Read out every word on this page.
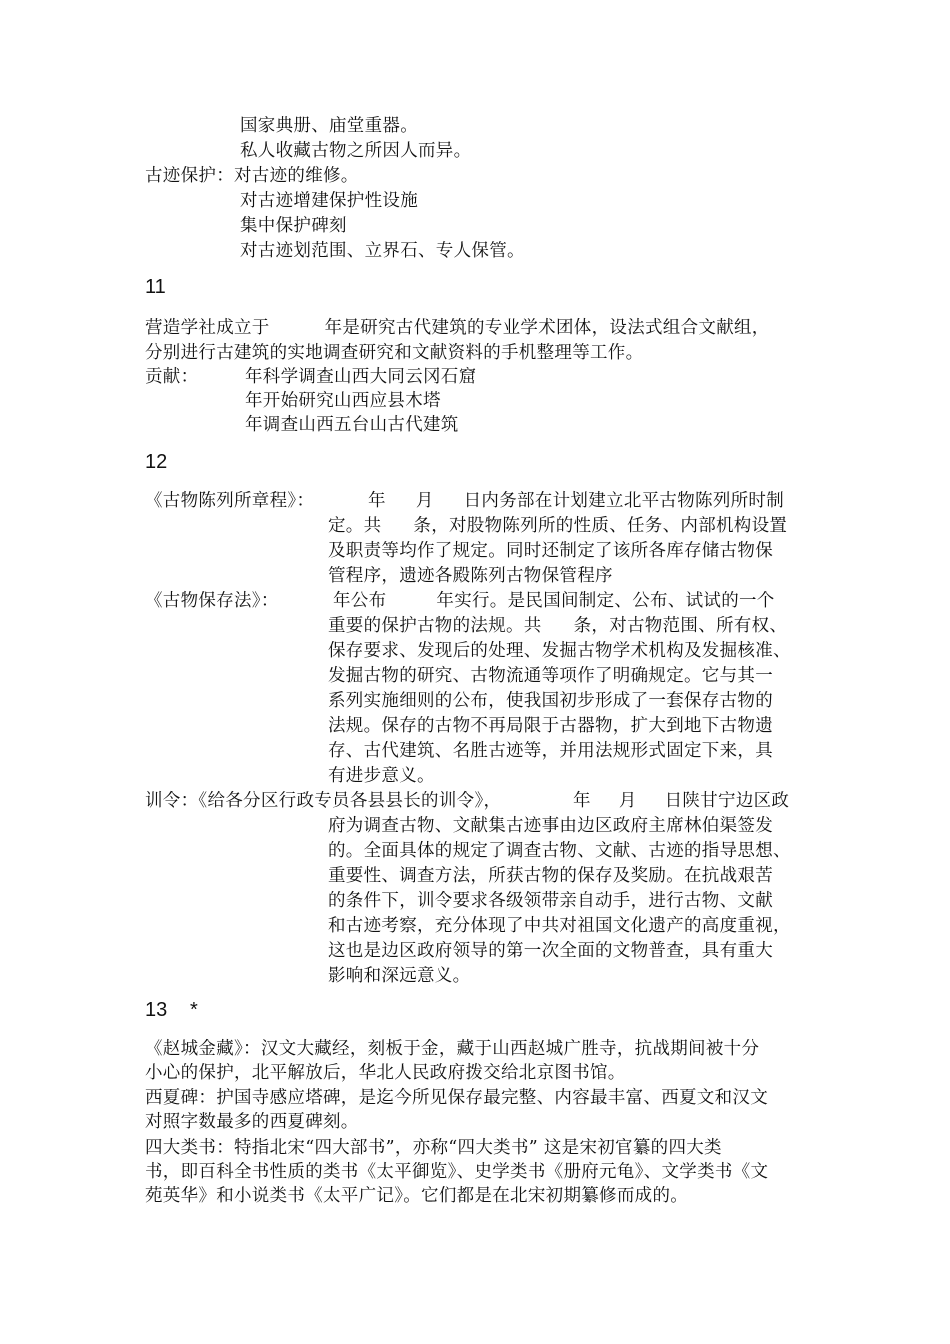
国家典册、庙堂重器。
私人收藏古物之所因人而异。
古迹保护：对古迹的维修。
对古迹增建保护性设施
集中保护碑刻
对古迹划范围、立界石、专人保管。
11
营造学社成立于	年是研究古代建筑的专业学术团体，设法式组合文献组，
分别进行古建筑的实地调查研究和文献资料的手机整理等工作。
贡献：	年科学调查山西大同云冈石窟
年开始研究山西应县木塔
年调查山西五台山古代建筑
12
《古物陈列所章程》：	年 月 日内务部在计划建立北平古物陈列所时制
定。共 条，对股物陈列所的性质、任务、内部机构设置
及职责等均作了规定。同时还制定了该所各库存储古物保
管程序，遗迹各殿陈列古物保管程序
《古物保存法》：	年公布	年实行。是民国间制定、公布、试试的一个
重要的保护古物的法规。共 条，对古物范围、所有权、
保存要求、发现后的处理、发掘古物学术机构及发掘核准、
发掘古物的研究、古物流通等项作了明确规定。它与其一
系列实施细则的公布，使我国初步形成了一套保存古物的
法规。保存的古物不再局限于古器物，扩大到地下古物遗
存、古代建筑、名胜古迹等，并用法规形式固定下来，具
有进步意义。
训令：《给各分区行政专员各县县长的训令》，	年 月 日陕甘宁边区政
府为调查古物、文献集古迹事由边区政府主席林伯渠签发
的。全面具体的规定了调查古物、文献、古迹的指导思想、
重要性、调查方法，所获古物的保存及奖励。在抗战艰苦
的条件下，训令要求各级领带亲自动手，进行古物、文献
和古迹考察，充分体现了中共对祖国文化遗产的高度重视，
这也是边区政府领导的第一次全面的文物普查，具有重大
影响和深远意义。
13 *
《赵城金藏》：汉文大藏经，刻板于金，藏于山西赵城广胜寺，抗战期间被十分
小心的保护，北平解放后，华北人民政府拨交给北京图书馆。
西夏碑：护国寺感应塔碑，是迄今所见保存最完整、内容最丰富、西夏文和汉文
对照字数最多的西夏碑刻。
四大类书：特指北宋“四大部书”，亦称“四大类书” 这是宋初官纂的四大类
书，即百科全书性质的类书《太平御览》、史学类书《册府元龟》、文学类书《文
苑英华》和小说类书《太平广记》。它们都是在北宋初期纂修而成的。
